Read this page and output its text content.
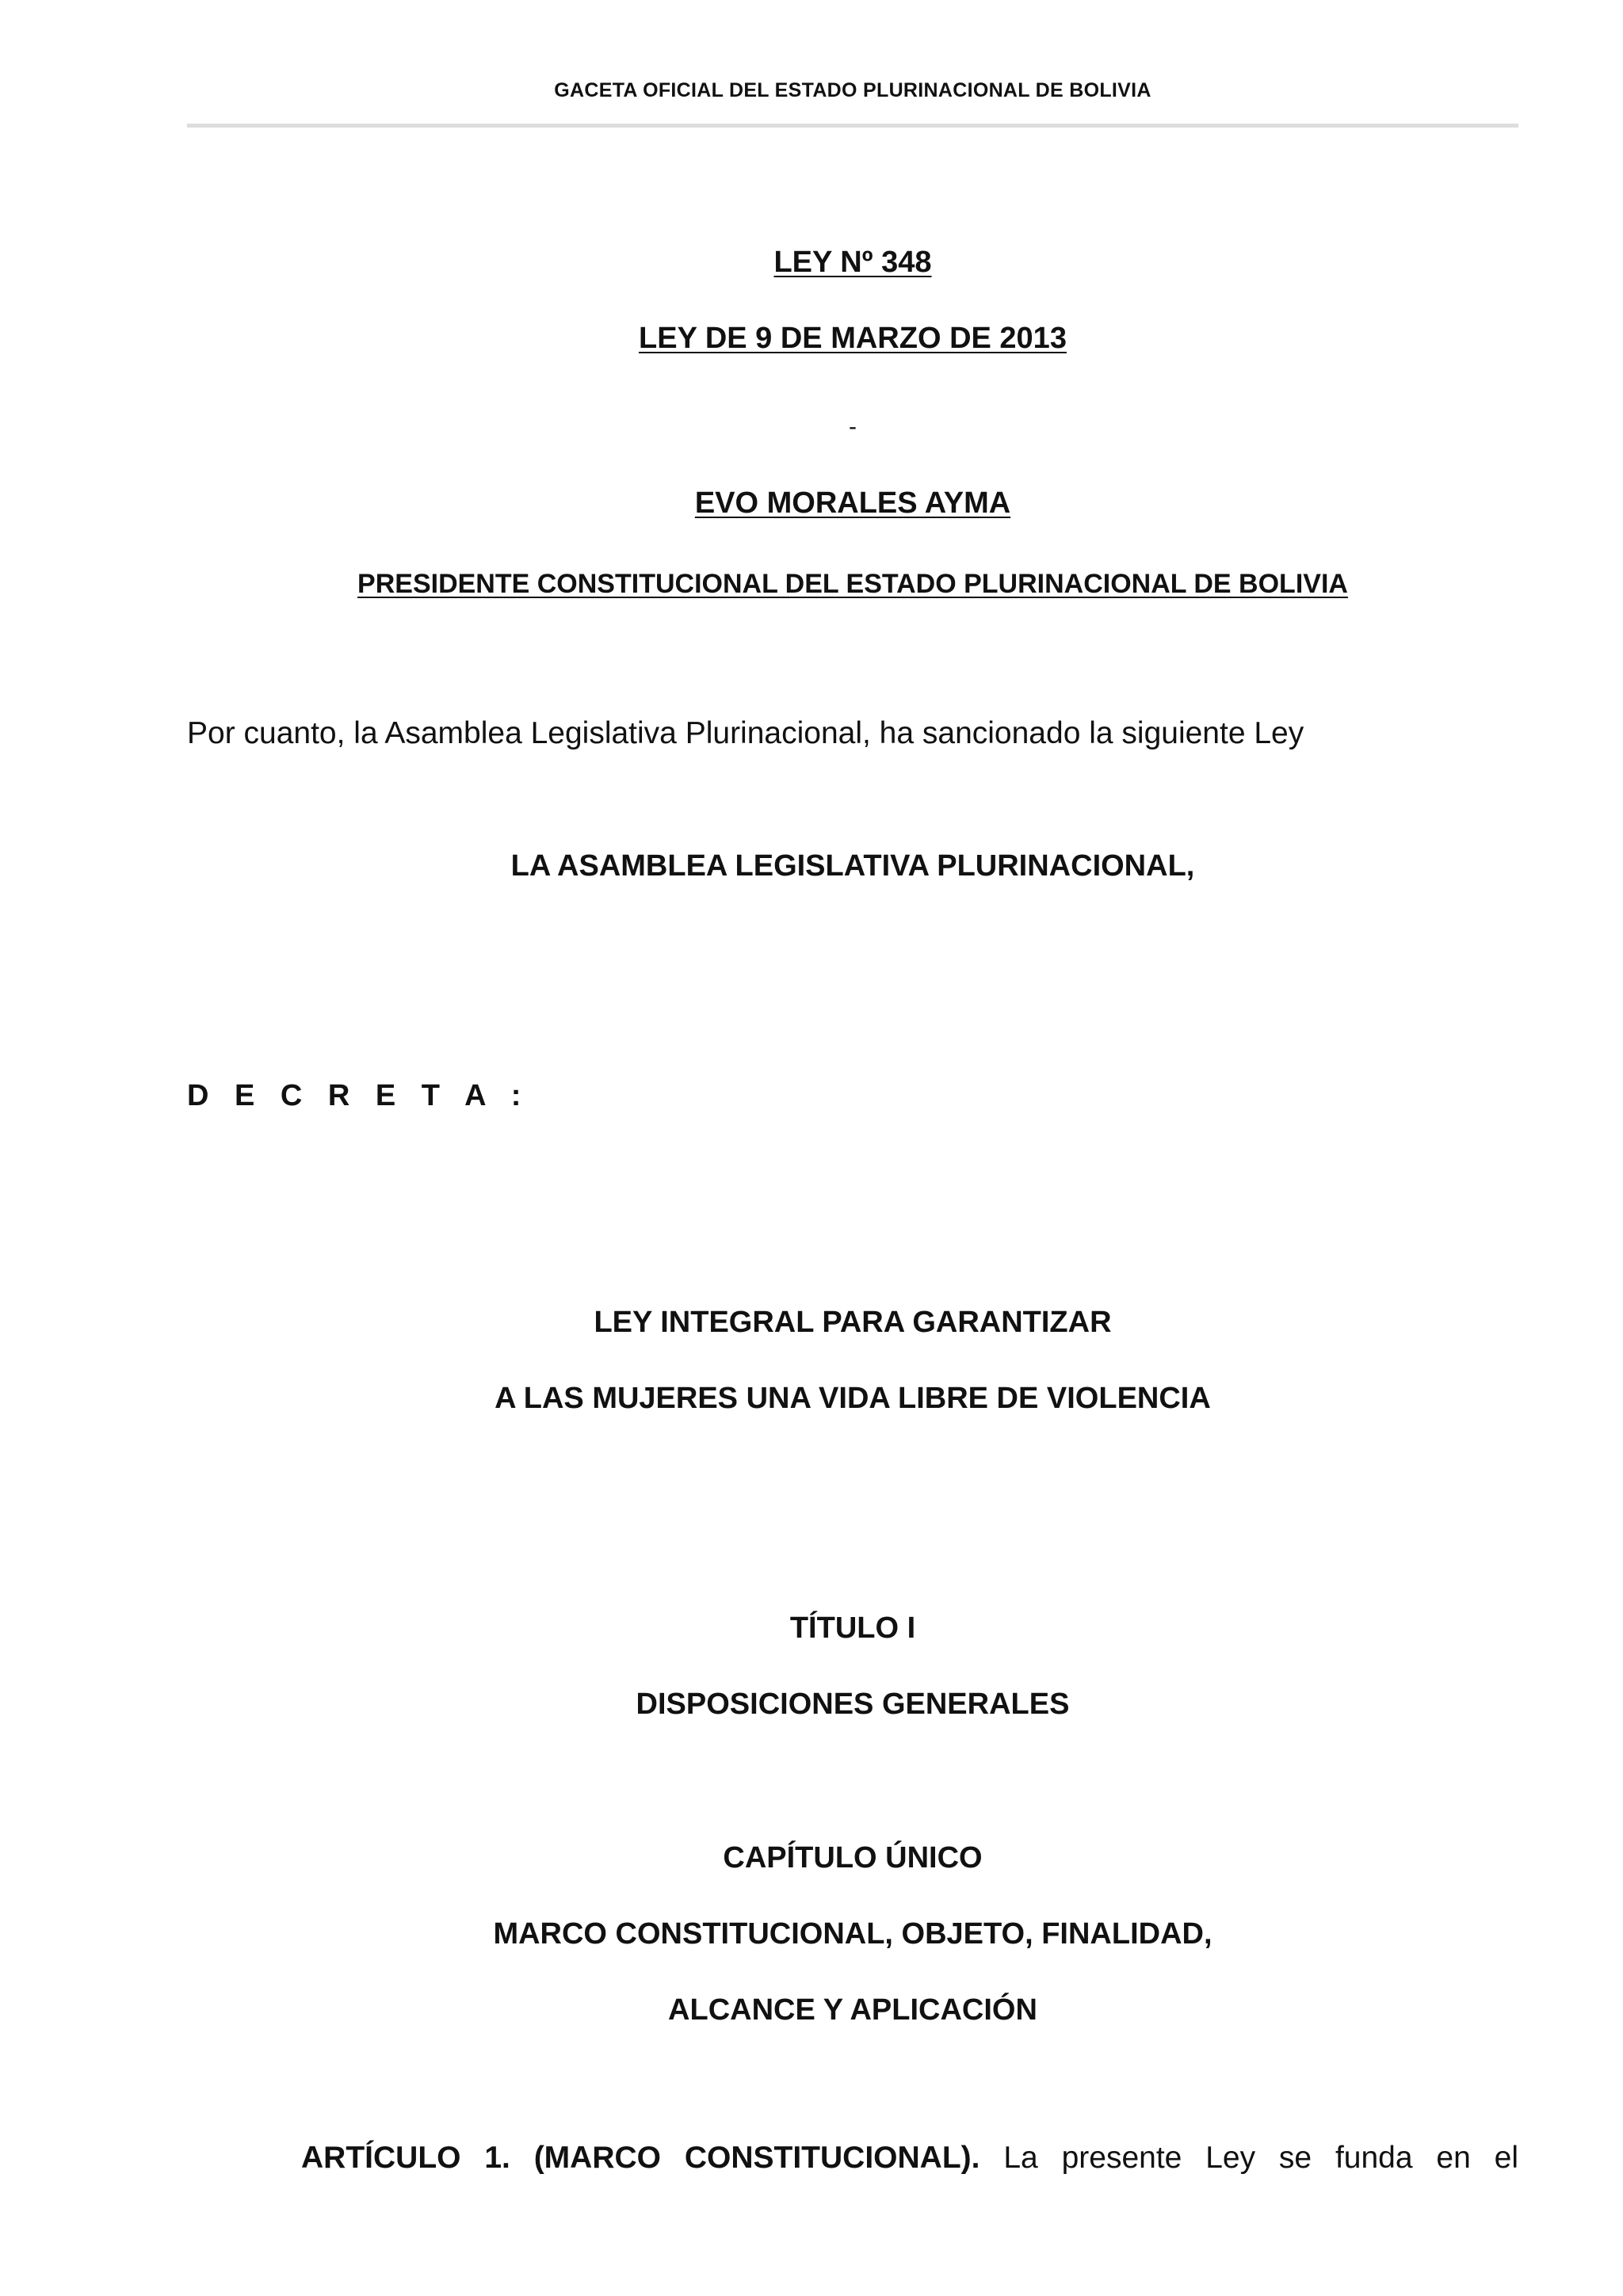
GACETA OFICIAL DEL ESTADO PLURINACIONAL DE BOLIVIA
LEY Nº 348
LEY DE 9 DE MARZO DE 2013
-
EVO MORALES AYMA
PRESIDENTE CONSTITUCIONAL DEL ESTADO PLURINACIONAL DE BOLIVIA
Por cuanto, la Asamblea Legislativa Plurinacional, ha sancionado la siguiente Ley
LA ASAMBLEA LEGISLATIVA PLURINACIONAL,
D E C R E T A :
LEY INTEGRAL PARA GARANTIZAR
A LAS MUJERES UNA VIDA LIBRE DE VIOLENCIA
TÍTULO I
DISPOSICIONES GENERALES
CAPÍTULO ÚNICO
MARCO CONSTITUCIONAL, OBJETO, FINALIDAD,
ALCANCE Y APLICACIÓN
ARTÍCULO 1. (MARCO CONSTITUCIONAL). La presente Ley se funda en el
